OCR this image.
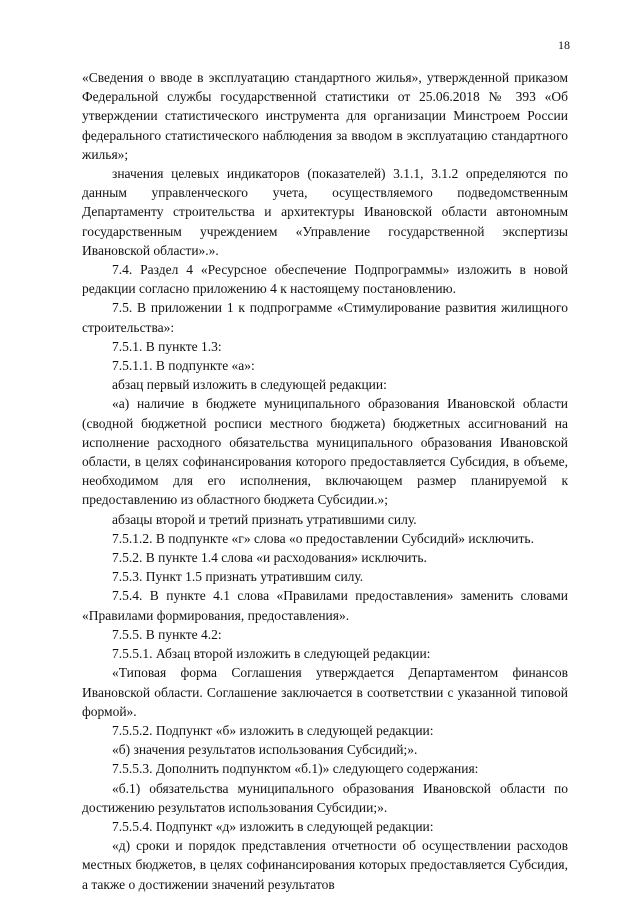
18

«Сведения о вводе в эксплуатацию стандартного жилья», утвержденной приказом Федеральной службы государственной статистики от 25.06.2018 № 393 «Об утверждении статистического инструмента для организации Минстроем России федерального статистического наблюдения за вводом в эксплуатацию стандартного жилья»;

значения целевых индикаторов (показателей) 3.1.1, 3.1.2 определяются по данным управленческого учета, осуществляемого подведомственным Департаменту строительства и архитектуры Ивановской области автономным государственным учреждением «Управление государственной экспертизы Ивановской области».».

7.4. Раздел 4 «Ресурсное обеспечение Подпрограммы» изложить в новой редакции согласно приложению 4 к настоящему постановлению.

7.5. В приложении 1 к подпрограмме «Стимулирование развития жилищного строительства»:

7.5.1. В пункте 1.3:

7.5.1.1. В подпункте «а»:

абзац первый изложить в следующей редакции:

«а) наличие в бюджете муниципального образования Ивановской области (сводной бюджетной росписи местного бюджета) бюджетных ассигнований на исполнение расходного обязательства муниципального образования Ивановской области, в целях софинансирования которого предоставляется Субсидия, в объеме, необходимом для его исполнения, включающем размер планируемой к предоставлению из областного бюджета Субсидии.»;

абзацы второй и третий признать утратившими силу.

7.5.1.2. В подпункте «г» слова «о предоставлении Субсидий» исключить.

7.5.2. В пункте 1.4 слова «и расходования» исключить.

7.5.3. Пункт 1.5 признать утратившим силу.

7.5.4. В пункте 4.1 слова «Правилами предоставления» заменить словами «Правилами формирования, предоставления».

7.5.5. В пункте 4.2:

7.5.5.1. Абзац второй изложить в следующей редакции:

«Типовая форма Соглашения утверждается Департаментом финансов Ивановской области. Соглашение заключается в соответствии с указанной типовой формой».

7.5.5.2. Подпункт «б» изложить в следующей редакции:

«б) значения результатов использования Субсидий;».

7.5.5.3. Дополнить подпунктом «б.1)» следующего содержания:

«б.1) обязательства муниципального образования Ивановской области по достижению результатов использования Субсидии;».

7.5.5.4. Подпункт «д» изложить в следующей редакции:

«д) сроки и порядок представления отчетности об осуществлении расходов местных бюджетов, в целях софинансирования которых предоставляется Субсидия, а также о достижении значений результатов
